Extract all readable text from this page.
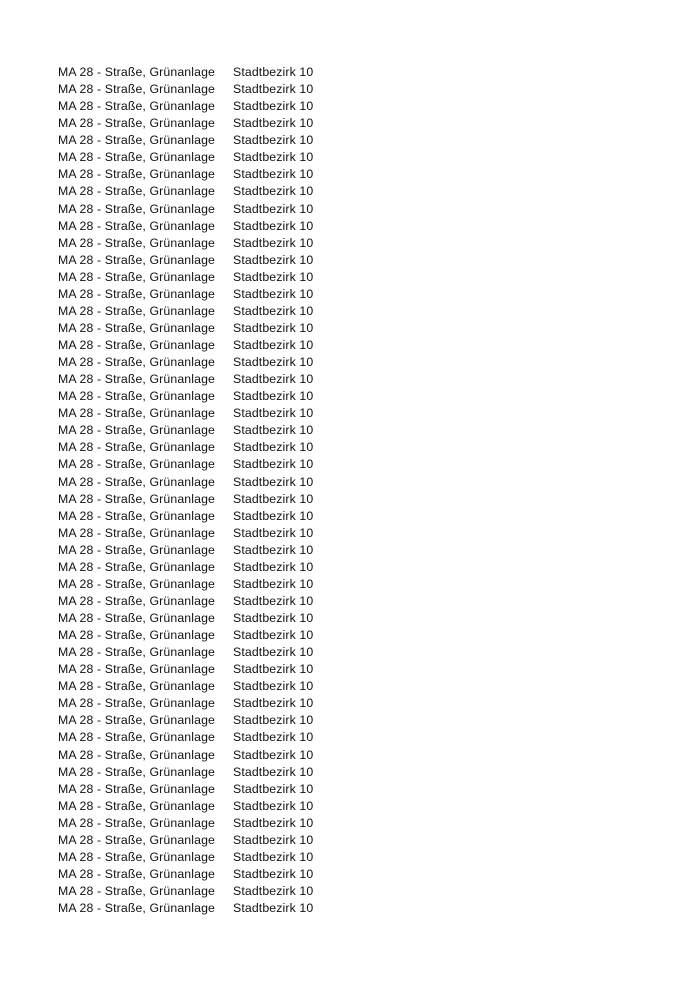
MA 28 - Straße, Grünanlage Stadtbezirk 10
MA 28 - Straße, Grünanlage Stadtbezirk 10
MA 28 - Straße, Grünanlage Stadtbezirk 10
MA 28 - Straße, Grünanlage Stadtbezirk 10
MA 28 - Straße, Grünanlage Stadtbezirk 10
MA 28 - Straße, Grünanlage Stadtbezirk 10
MA 28 - Straße, Grünanlage Stadtbezirk 10
MA 28 - Straße, Grünanlage Stadtbezirk 10
MA 28 - Straße, Grünanlage Stadtbezirk 10
MA 28 - Straße, Grünanlage Stadtbezirk 10
MA 28 - Straße, Grünanlage Stadtbezirk 10
MA 28 - Straße, Grünanlage Stadtbezirk 10
MA 28 - Straße, Grünanlage Stadtbezirk 10
MA 28 - Straße, Grünanlage Stadtbezirk 10
MA 28 - Straße, Grünanlage Stadtbezirk 10
MA 28 - Straße, Grünanlage Stadtbezirk 10
MA 28 - Straße, Grünanlage Stadtbezirk 10
MA 28 - Straße, Grünanlage Stadtbezirk 10
MA 28 - Straße, Grünanlage Stadtbezirk 10
MA 28 - Straße, Grünanlage Stadtbezirk 10
MA 28 - Straße, Grünanlage Stadtbezirk 10
MA 28 - Straße, Grünanlage Stadtbezirk 10
MA 28 - Straße, Grünanlage Stadtbezirk 10
MA 28 - Straße, Grünanlage Stadtbezirk 10
MA 28 - Straße, Grünanlage Stadtbezirk 10
MA 28 - Straße, Grünanlage Stadtbezirk 10
MA 28 - Straße, Grünanlage Stadtbezirk 10
MA 28 - Straße, Grünanlage Stadtbezirk 10
MA 28 - Straße, Grünanlage Stadtbezirk 10
MA 28 - Straße, Grünanlage Stadtbezirk 10
MA 28 - Straße, Grünanlage Stadtbezirk 10
MA 28 - Straße, Grünanlage Stadtbezirk 10
MA 28 - Straße, Grünanlage Stadtbezirk 10
MA 28 - Straße, Grünanlage Stadtbezirk 10
MA 28 - Straße, Grünanlage Stadtbezirk 10
MA 28 - Straße, Grünanlage Stadtbezirk 10
MA 28 - Straße, Grünanlage Stadtbezirk 10
MA 28 - Straße, Grünanlage Stadtbezirk 10
MA 28 - Straße, Grünanlage Stadtbezirk 10
MA 28 - Straße, Grünanlage Stadtbezirk 10
MA 28 - Straße, Grünanlage Stadtbezirk 10
MA 28 - Straße, Grünanlage Stadtbezirk 10
MA 28 - Straße, Grünanlage Stadtbezirk 10
MA 28 - Straße, Grünanlage Stadtbezirk 10
MA 28 - Straße, Grünanlage Stadtbezirk 10
MA 28 - Straße, Grünanlage Stadtbezirk 10
MA 28 - Straße, Grünanlage Stadtbezirk 10
MA 28 - Straße, Grünanlage Stadtbezirk 10
MA 28 - Straße, Grünanlage Stadtbezirk 10
MA 28 - Straße, Grünanlage Stadtbezirk 10
